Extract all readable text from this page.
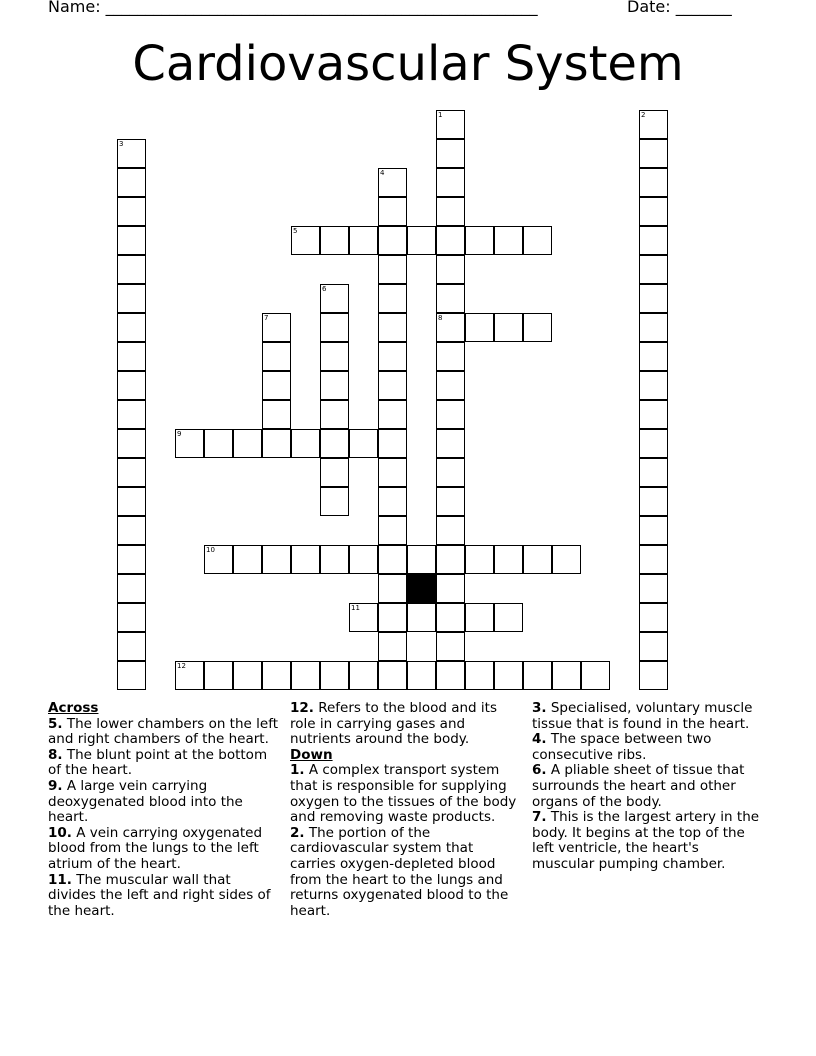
Name: ______________________________________________________	Date: _______
Cardiovascular System
1
8
2
3
4
5
6
7
9
10
11
12
Across

5. The lower chambers on the left and right chambers of the heart.

8. The blunt point at the bottom of the heart.

9. A large vein carrying deoxygenated blood into the heart.

10. A vein carrying oxygenated blood from the lungs to the left atrium of the heart.

11. The muscular wall that divides the left and right sides of the heart.

12. Refers to the blood and its role in carrying gases and nutrients around the body.

Down

1. A complex transport system that is responsible for supplying oxygen to the tissues of the body and removing waste products.

2. The portion of the cardiovascular system that carries oxygen-depleted blood from the heart to the lungs and returns oxygenated blood to the heart.

3. Specialised, voluntary muscle tissue that is found in the heart.

4. The space between two consecutive ribs.

6. A pliable sheet of tissue that surrounds the heart and other organs of the body.

7. This is the largest artery in the body. It begins at the top of the left ventricle, the heart's muscular pumping chamber.
